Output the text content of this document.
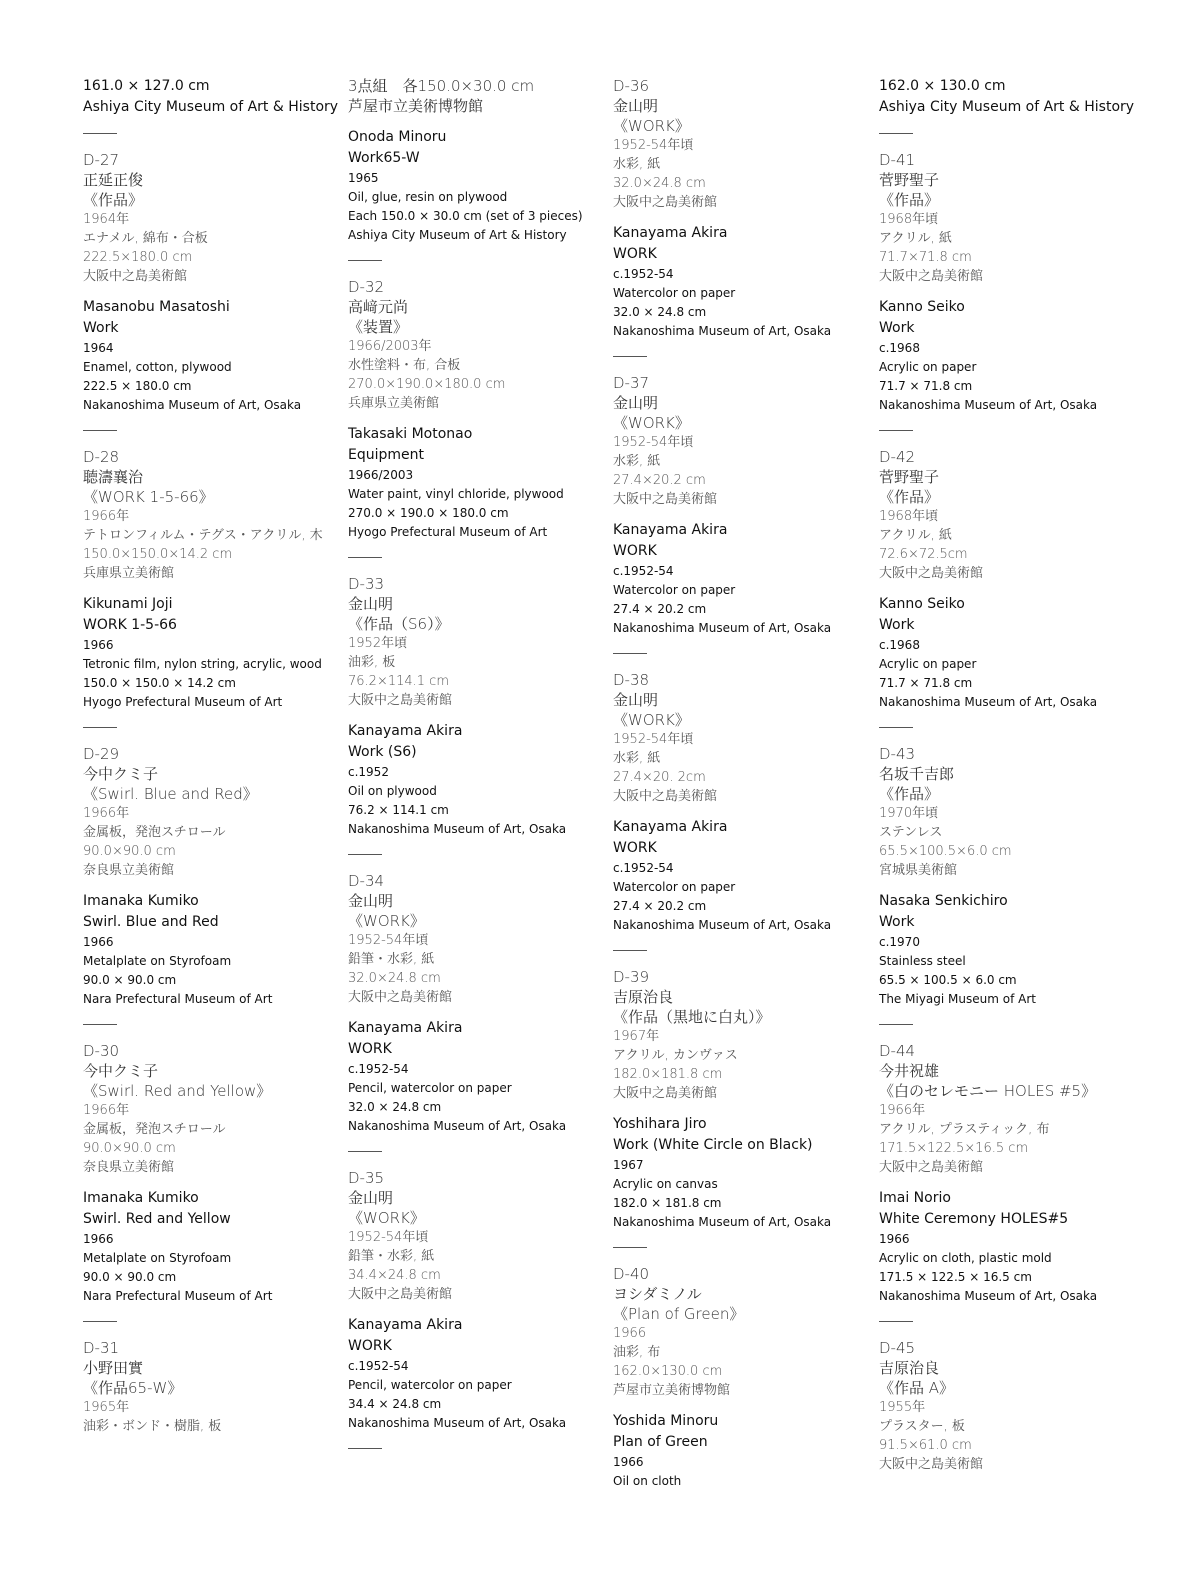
161.0 × 127.0 cm
Ashiya City Museum of Art & History
D-27
正延正俊
《作品》
1964年
エナメル, 綿布・合板
222.5×180.0 cm
大阪中之島美術館
Masanobu Masatoshi
Work
1964
Enamel, cotton, plywood
222.5 × 180.0 cm
Nakanoshima Museum of Art, Osaka
D-28
聴濤襄治
《WORK 1-5-66》
1966年
テトロンフィルム・テグス・アクリル, 木
150.0×150.0×14.2 cm
兵庫県立美術館
Kikunami Joji
WORK 1-5-66
1966
Tetronic film, nylon string, acrylic, wood
150.0 × 150.0 × 14.2 cm
Hyogo Prefectural Museum of Art
D-29
今中クミ子
《Swirl. Blue and Red》
1966年
金属板，発泡スチロール
90.0×90.0 cm
奈良県立美術館
Imanaka Kumiko
Swirl. Blue and Red
1966
Metalplate on Styrofoam
90.0 × 90.0 cm
Nara Prefectural Museum of Art
D-30
今中クミ子
《Swirl. Red and Yellow》
1966年
金属板，発泡スチロール
90.0×90.0 cm
奈良県立美術館
Imanaka Kumiko
Swirl. Red and Yellow
1966
Metalplate on Styrofoam
90.0 × 90.0 cm
Nara Prefectural Museum of Art
D-31
小野田實
《作品65-W》
1965年
油彩・ボンド・樹脂, 板
3点組　各150.0×30.0 cm
芦屋市立美術博物館
Onoda Minoru
Work65-W
1965
Oil, glue, resin on plywood
Each 150.0 × 30.0 cm (set of 3 pieces)
Ashiya City Museum of Art & History
D-32
高﨑元尚
《装置》
1966/2003年
水性塗料・布, 合板
270.0×190.0×180.0 cm
兵庫県立美術館
Takasaki Motonao
Equipment
1966/2003
Water paint, vinyl chloride, plywood
270.0 × 190.0 × 180.0 cm
Hyogo Prefectural Museum of Art
D-33
金山明
《作品（S6）》
1952年頃
油彩, 板
76.2×114.1 cm
大阪中之島美術館
Kanayama Akira
Work (S6)
c.1952
Oil on plywood
76.2 × 114.1 cm
Nakanoshima Museum of Art, Osaka
D-34
金山明
《WORK》
1952-54年頃
鉛筆・水彩, 紙
32.0×24.8 cm
大阪中之島美術館
Kanayama Akira
WORK
c.1952-54
Pencil, watercolor on paper
32.0 × 24.8 cm
Nakanoshima Museum of Art, Osaka
D-35
金山明
《WORK》
1952-54年頃
鉛筆・水彩, 紙
34.4×24.8 cm
大阪中之島美術館
Kanayama Akira
WORK
c.1952-54
Pencil, watercolor on paper
34.4 × 24.8 cm
Nakanoshima Museum of Art, Osaka
D-36
金山明
《WORK》
1952-54年頃
水彩, 紙
32.0×24.8 cm
大阪中之島美術館
Kanayama Akira
WORK
c.1952-54
Watercolor on paper
32.0 × 24.8 cm
Nakanoshima Museum of Art, Osaka
D-37
金山明
《WORK》
1952-54年頃
水彩, 紙
27.4×20.2 cm
大阪中之島美術館
Kanayama Akira
WORK
c.1952-54
Watercolor on paper
27.4 × 20.2 cm
Nakanoshima Museum of Art, Osaka
D-38
金山明
《WORK》
1952-54年頃
水彩, 紙
27.4×20. 2cm
大阪中之島美術館
Kanayama Akira
WORK
c.1952-54
Watercolor on paper
27.4 × 20.2 cm
Nakanoshima Museum of Art, Osaka
D-39
吉原治良
《作品（黒地に白丸）》
1967年
アクリル, カンヴァス
182.0×181.8 cm
大阪中之島美術館
Yoshihara Jiro
Work (White Circle on Black)
1967
Acrylic on canvas
182.0 × 181.8 cm
Nakanoshima Museum of Art, Osaka
D-40
ヨシダミノル
《Plan of Green》
1966
油彩, 布
162.0×130.0 cm
芦屋市立美術博物館
Yoshida Minoru
Plan of Green
1966
Oil on cloth
162.0 × 130.0 cm
Ashiya City Museum of Art & History
D-41
菅野聖子
《作品》
1968年頃
アクリル, 紙
71.7×71.8 cm
大阪中之島美術館
Kanno Seiko
Work
c.1968
Acrylic on paper
71.7 × 71.8 cm
Nakanoshima Museum of Art, Osaka
D-42
菅野聖子
《作品》
1968年頃
アクリル, 紙
72.6×72.5cm
大阪中之島美術館
Kanno Seiko
Work
c.1968
Acrylic on paper
71.7 × 71.8 cm
Nakanoshima Museum of Art, Osaka
D-43
名坂千吉郎
《作品》
1970年頃
ステンレス
65.5×100.5×6.0 cm
宮城県美術館
Nasaka Senkichiro
Work
c.1970
Stainless steel
65.5 × 100.5 × 6.0 cm
The Miyagi Museum of Art
D-44
今井祝雄
《白のセレモニー HOLES #5》
1966年
アクリル, プラスティック, 布
171.5×122.5×16.5 cm
大阪中之島美術館
Imai Norio
White Ceremony HOLES#5
1966
Acrylic on cloth, plastic mold
171.5 × 122.5 × 16.5 cm
Nakanoshima Museum of Art, Osaka
D-45
吉原治良
《作品 A》
1955年
プラスター, 板
91.5×61.0 cm
大阪中之島美術館
